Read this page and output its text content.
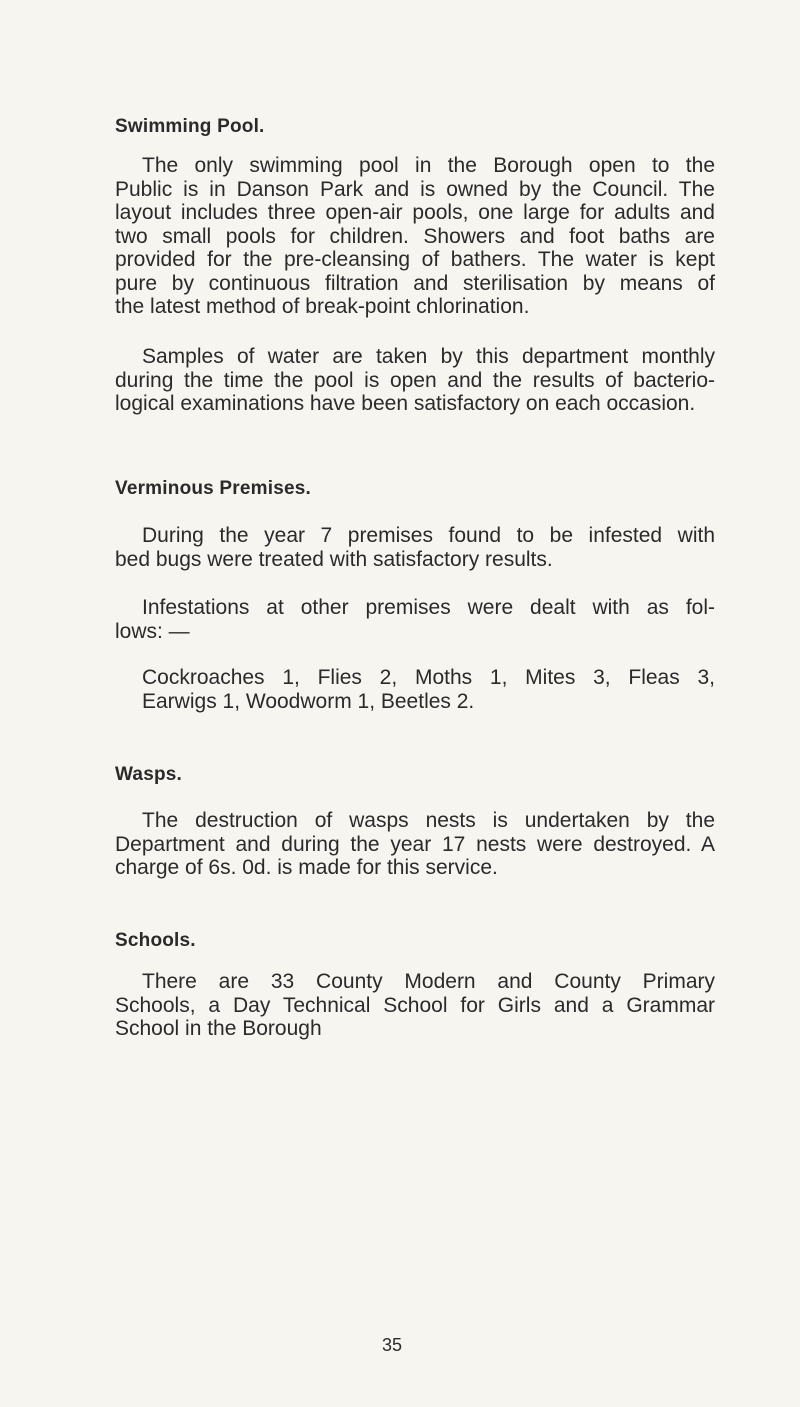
Swimming Pool.
The only swimming pool in the Borough open to the
Public is in Danson Park and is owned by the Council. The
layout includes three open-air pools, one large for adults and
two small pools for children. Showers and foot baths are
provided for the pre-cleansing of bathers. The water is kept
pure by continuous filtration and sterilisation by means of
the latest method of break-point chlorination.
Samples of water are taken by this department monthly
during the time the pool is open and the results of bacterio-
logical examinations have been satisfactory on each occasion.
Verminous Premises.
During the year 7 premises found to be infested with
bed bugs were treated with satisfactory results.
Infestations at other premises were dealt with as fol-
lows: —
Cockroaches 1, Flies 2, Moths 1, Mites 3, Fleas 3,
Earwigs 1, Woodworm 1, Beetles 2.
Wasps.
The destruction of wasps nests is undertaken by the
Department and during the year 17 nests were destroyed. A
charge of 6s. 0d. is made for this service.
Schools.
There are 33 County Modern and County Primary
Schools, a Day Technical School for Girls and a Grammar
School in the Borough

35
